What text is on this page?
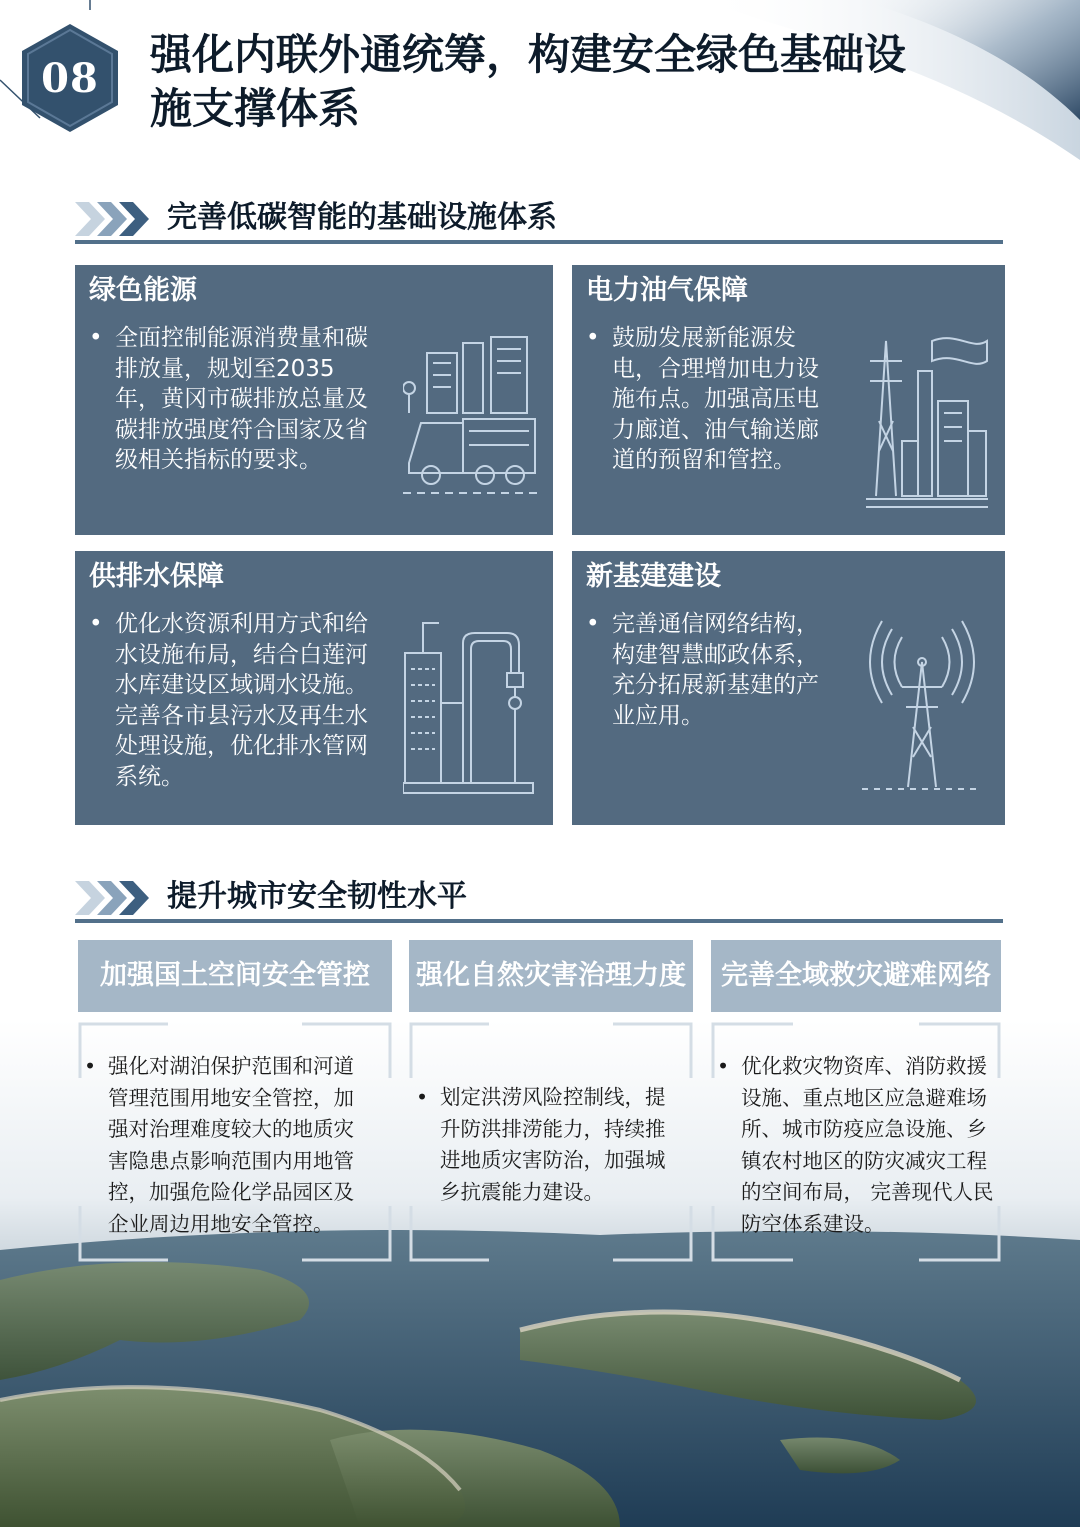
08	强化内联外通统筹，构建安全绿色基础设施支撑体系
完善低碳智能的基础设施体系
绿色能源
• 全面控制能源消费量和碳排放量，规划至2035年，黄冈市碳排放总量及碳排放强度符合国家及省级相关指标的要求。
电力油气保障
• 鼓励发展新能源发电，合理增加电力设施布点。加强高压电力廊道、油气输送廊道的预留和管控。
供排水保障
• 优化水资源利用方式和给水设施布局，结合白莲河水库建设区域调水设施。完善各市县污水及再生水处理设施，优化排水管网系统。
新基建建设
• 完善通信网络结构，构建智慧邮政体系，充分拓展新基建的产业应用。
提升城市安全韧性水平
加强国土空间安全管控
• 强化对湖泊保护范围和河道管理范围用地安全管控，加强对治理难度较大的地质灾害隐患点影响范围内用地管控，加强危险化学品园区及企业周边用地安全管控。
强化自然灾害治理力度
• 划定洪涝风险控制线，提升防洪排涝能力，持续推进地质灾害防治，加强城乡抗震能力建设。
完善全域救灾避难网络
• 优化救灾物资库、消防救援设施、重点地区应急避难场所、城市防疫应急设施、乡镇农村地区的防灾减灾工程的空间布局， 完善现代人民防空体系建设。
